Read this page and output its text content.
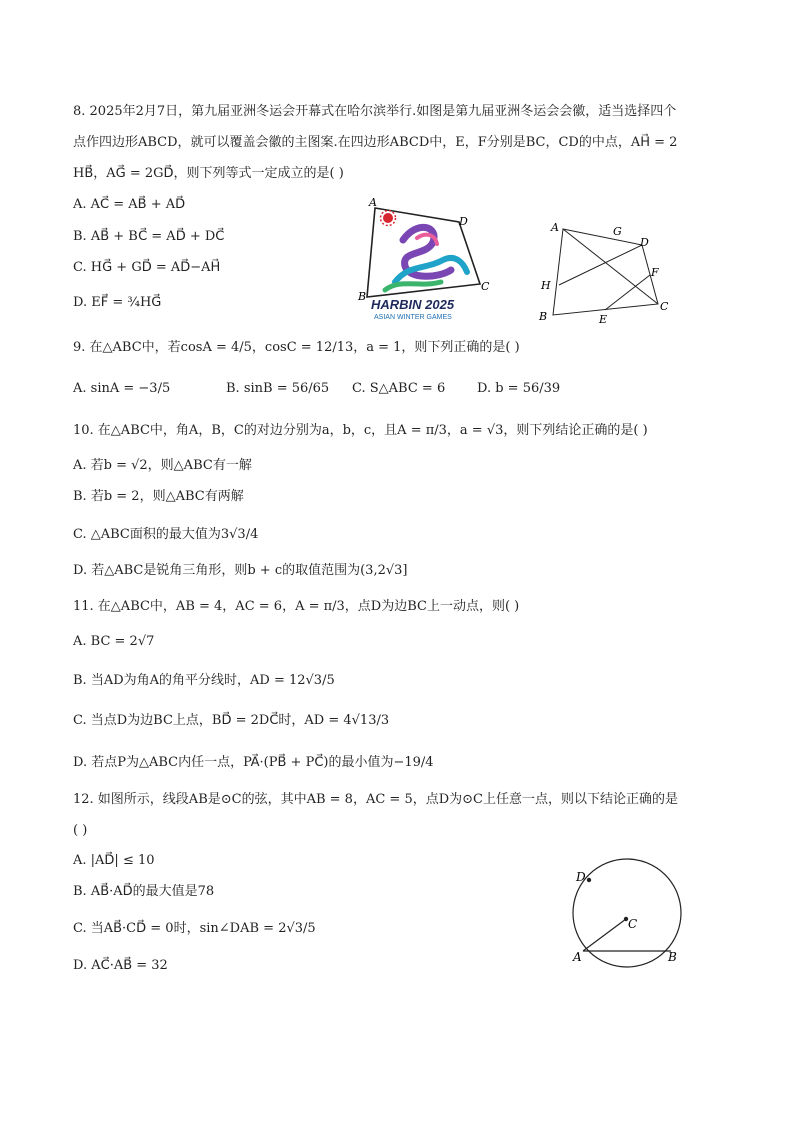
8. 2025年2月7日，第九届亚洲冬运会开幕式在哈尔滨举行.如图是第九届亚洲冬运会会徽，适当选择四个
点作四边形ABCD，就可以覆盖会徽的主图案.在四边形ABCD中，E，F分别是BC，CD的中点，AH⃗ = 2
HB⃗，AG⃗ = 2GD⃗，则下列等式一定成立的是( )
A. AC⃗ = AB⃗ + AD⃗
B. AB⃗ + BC⃗ = AD⃗ + DC⃗
C. HG⃗ + GD⃗ = AD⃗−AH⃗
D. EF⃗ = ¾HG⃗
A
D
C
B
HARBIN 2025
ASIAN WINTER GAMES
A	G
D
F
H
C
B	E
9. 在△ABC中，若cosA = 4/5，cosC = 12/13，a = 1，则下列正确的是( )
A. sinA = −3/5	B. sinB = 56/65 C. S△ABC = 6 D. b = 56/39
10. 在△ABC中，角A，B，C的对边分别为a，b，c，且A = π/3，a = √3，则下列结论正确的是( )
A. 若b = √2，则△ABC有一解
B. 若b = 2，则△ABC有两解
C. △ABC面积的最大值为3√3/4
D. 若△ABC是锐角三角形，则b + c的取值范围为(3,2√3]
11. 在△ABC中，AB = 4，AC = 6，A = π/3，点D为边BC上一动点，则( )
A. BC = 2√7
B. 当AD为角A的角平分线时，AD = 12√3/5
C. 当点D为边BC上点，BD⃗ = 2DC⃗时，AD = 4√13/3
D. 若点P为△ABC内任一点，PA⃗·(PB⃗ + PC⃗)的最小值为−19/4
12. 如图所示，线段AB是⊙C的弦，其中AB = 8，AC = 5，点D为⊙C上任意一点，则以下结论正确的是
( )
A. |AD⃗| ≤ 10
B. AB⃗·AD⃗的最大值是78
C. 当AB⃗·CD⃗ = 0时，sin∠DAB = 2√3/5
D. AC⃗·AB⃗ = 32
D
C
A	B
